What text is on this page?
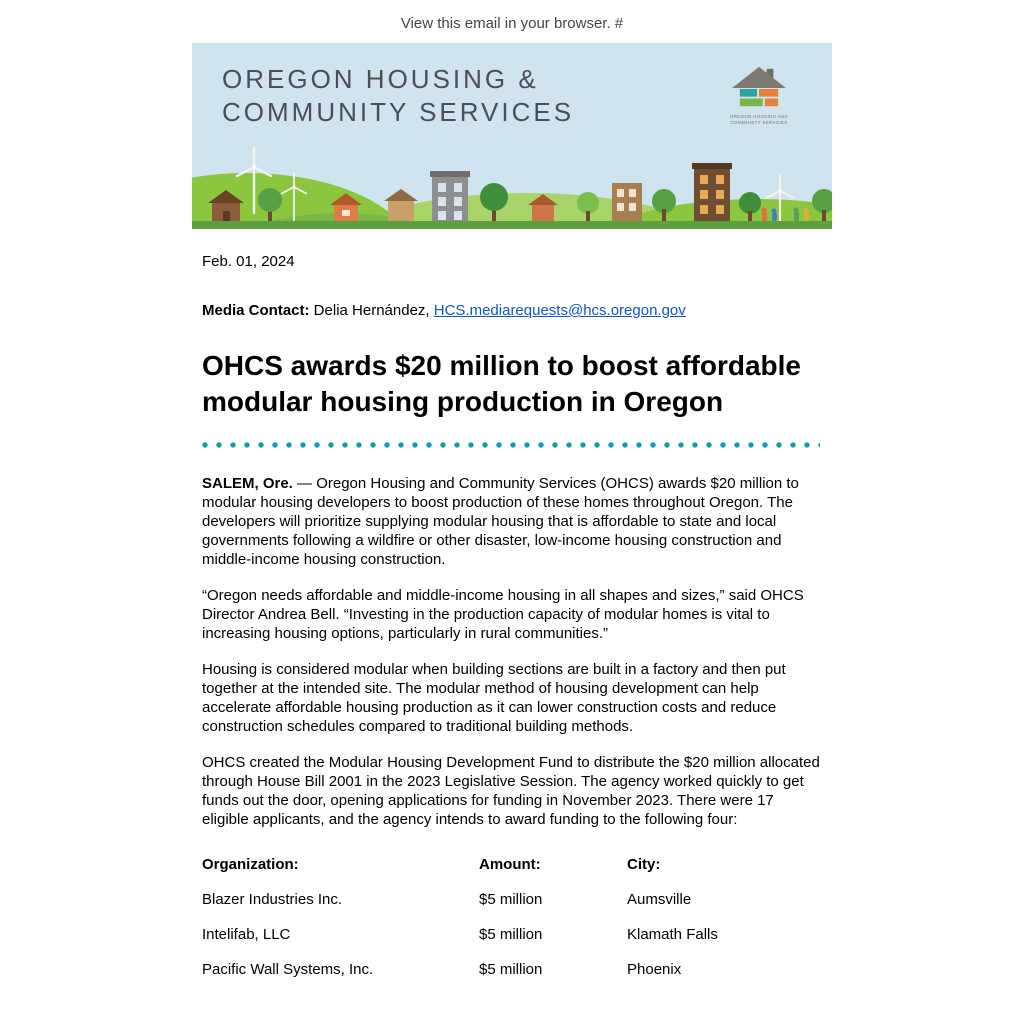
View this email in your browser. #
OREGON HOUSING &
COMMUNITY SERVICES	OREGON HOUSING AND COMMUNITY SERVICES

Feb. 01, 2024

Media Contact: Delia Hernández, HCS.mediarequests@hcs.oregon.gov

OHCS awards $20 million to boost affordable modular housing production in Oregon

SALEM, Ore. — Oregon Housing and Community Services (OHCS) awards $20 million to modular housing developers to boost production of these homes throughout Oregon. The developers will prioritize supplying modular housing that is affordable to state and local governments following a wildfire or other disaster, low-income housing construction and middle-income housing construction.

“Oregon needs affordable and middle-income housing in all shapes and sizes,” said OHCS Director Andrea Bell. “Investing in the production capacity of modular homes is vital to increasing housing options, particularly in rural communities.”

Housing is considered modular when building sections are built in a factory and then put together at the intended site. The modular method of housing development can help accelerate affordable housing production as it can lower construction costs and reduce construction schedules compared to traditional building methods.

OHCS created the Modular Housing Development Fund to distribute the $20 million allocated through House Bill 2001 in the 2023 Legislative Session. The agency worked quickly to get funds out the door, opening applications for funding in November 2023. There were 17 eligible applicants, and the agency intends to award funding to the following four:

Organization:	Amount:	City:
Blazer Industries Inc.	$5 million	Aumsville
Intelifab, LLC	$5 million	Klamath Falls
Pacific Wall Systems, Inc.	$5 million	Phoenix
